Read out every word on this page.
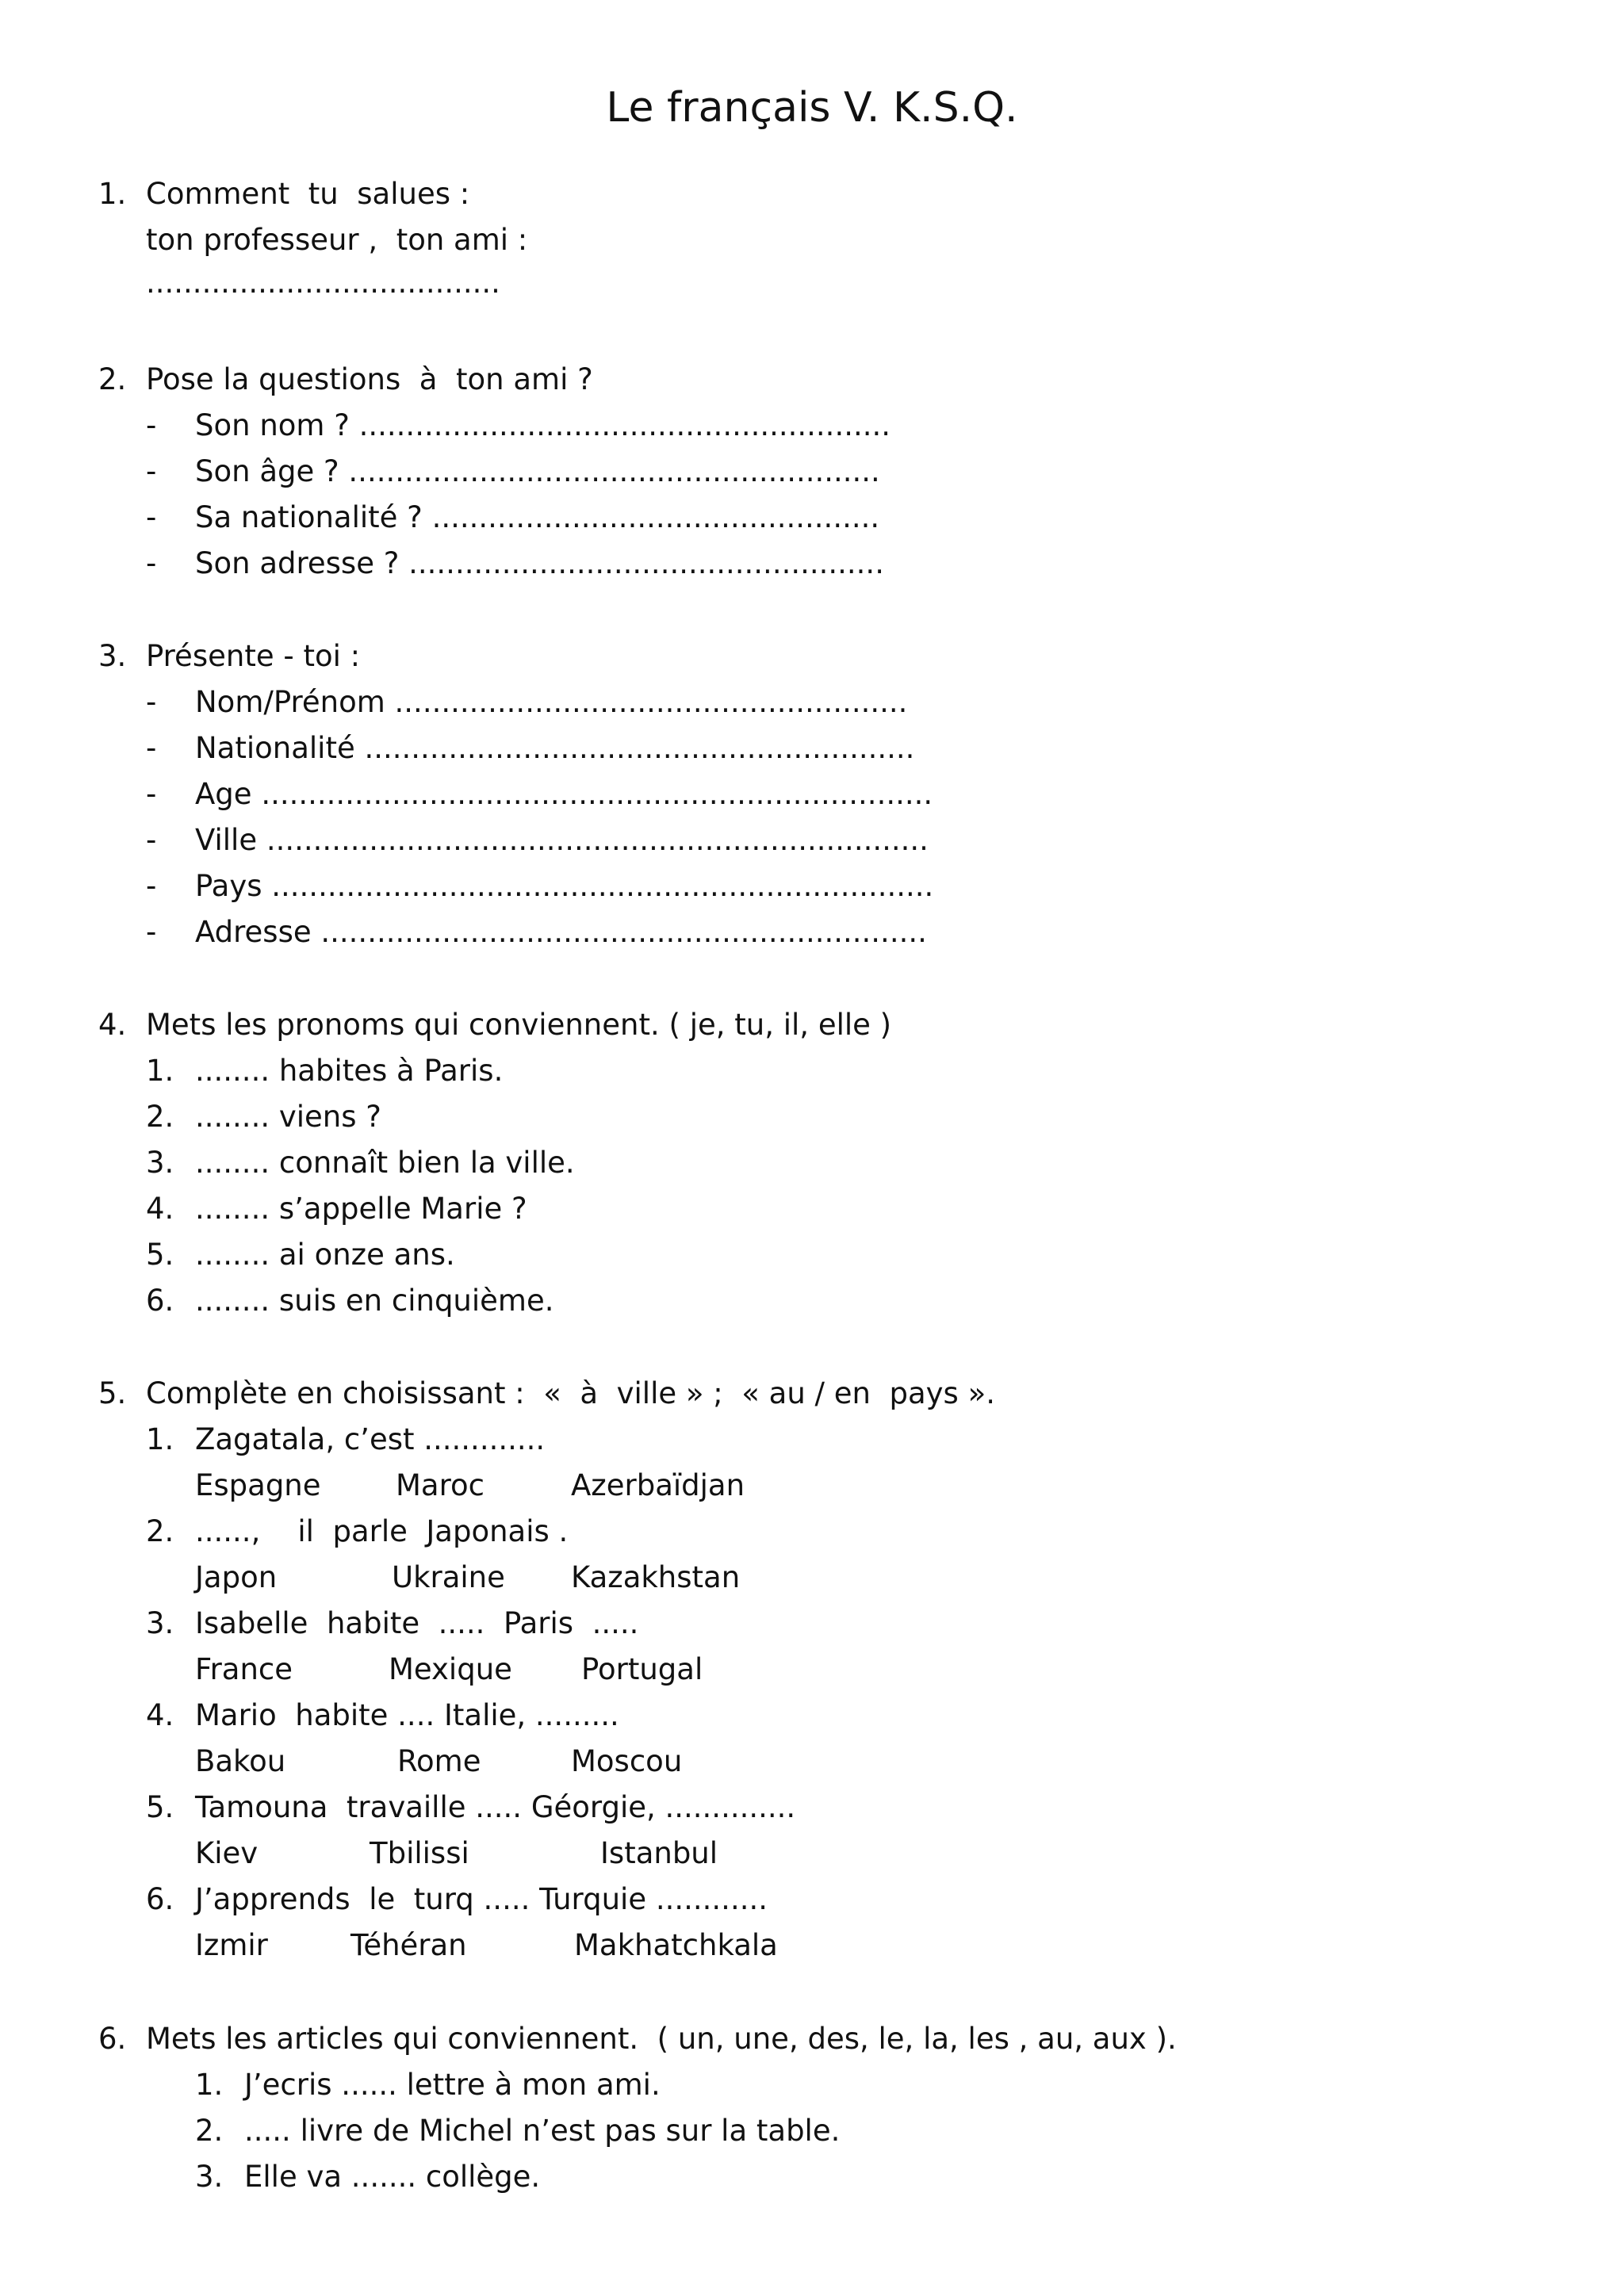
Le français V. K.S.Q.
1. Comment  tu  salues :
ton professeur ,  ton ami :
......................................
2. Pose la questions  à  ton ami ?
- Son nom ? .........................................................
- Son âge ? .........................................................
- Sa nationalité ? ................................................
- Son adresse ? ...................................................
3. Présente - toi :
- Nom/Prénom .......................................................
- Nationalité ...........................................................
- Age ........................................................................
- Ville .......................................................................
- Pays .......................................................................
- Adresse .................................................................
4. Mets les pronoms qui conviennent. ( je, tu, il, elle )
1. ........ habites à Paris.
2. ........ viens ?
3. ........ connaît bien la ville.
4. ........ s’appelle Marie ?
5. ........ ai onze ans.
6. ........ suis en cinquième.
5. Complète en choisissant :  «  à  ville » ;  « au / en  pays ».
1. Zagatala, c’est .............
Espagne	Maroc	Azerbaïdjan
2. ......,    il  parle  Japonais .
Japon	Ukraine Kazakhstan
3. Isabelle  habite  .....  Paris  .....
France	Mexique Portugal
4. Mario  habite .... Italie, .........
Bakou	Rome	Moscou
5. Tamouna  travaille ..... Géorgie, ..............
Kiev	Tbilissi	Istanbul
6. J’apprends  le  turq ..... Turquie ............
Izmir	Téhéran	Makhatchkala
6. Mets les articles qui conviennent.  ( un, une, des, le, la, les , au, aux ).
1. J’ecris ...... lettre à mon ami.
2. ..... livre de Michel n’est pas sur la table.
3. Elle va ....... collège.
